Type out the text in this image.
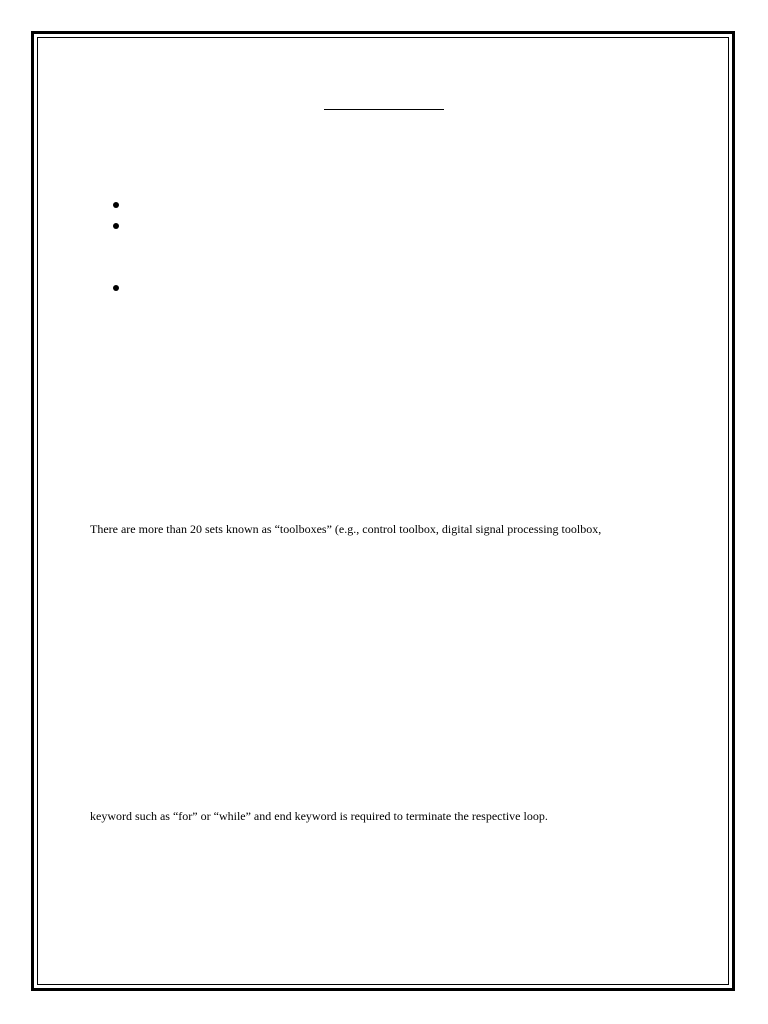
There are more than 20 sets known as “toolboxes” (e.g., control toolbox, digital signal processing toolbox,

keyword such as “for” or “while” and end keyword is required to terminate the respective loop.
